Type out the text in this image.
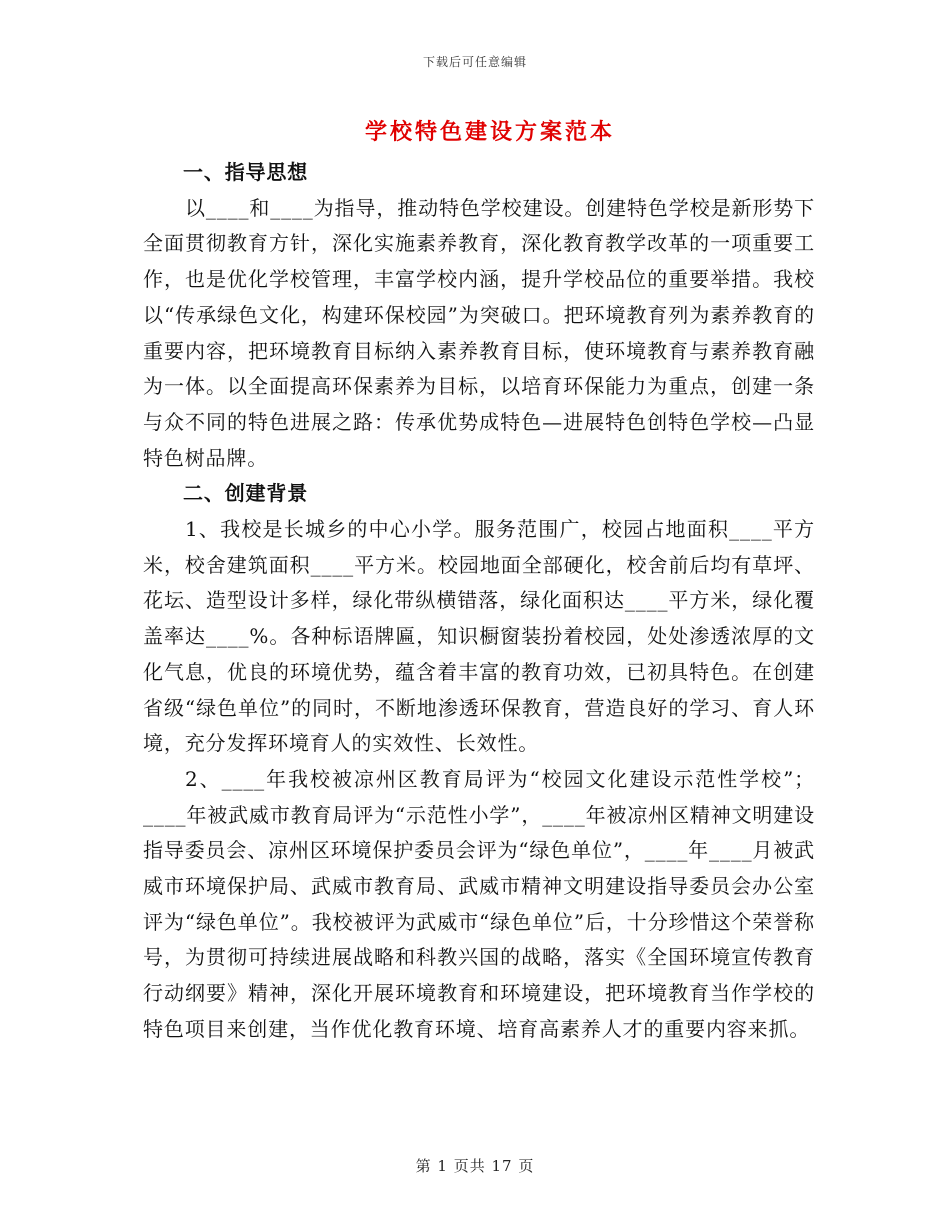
下载后可任意编辑
学校特色建设方案范本

一、指导思想

以____和____为指导，推动特色学校建设。创建特色学校是新形势下全面贯彻教育方针，深化实施素养教育，深化教育教学改革的一项重要工作，也是优化学校管理，丰富学校内涵，提升学校品位的重要举措。我校以“传承绿色文化，构建环保校园”为突破口。把环境教育列为素养教育的重要内容，把环境教育目标纳入素养教育目标，使环境教育与素养教育融为一体。以全面提高环保素养为目标，以培育环保能力为重点，创建一条与众不同的特色进展之路：传承优势成特色—进展特色创特色学校—凸显特色树品牌。

二、创建背景

1、我校是长城乡的中心小学。服务范围广，校园占地面积____平方米，校舍建筑面积____平方米。校园地面全部硬化，校舍前后均有草坪、花坛、造型设计多样，绿化带纵横错落，绿化面积达____平方米，绿化覆盖率达____%。各种标语牌匾，知识橱窗装扮着校园，处处渗透浓厚的文化气息，优良的环境优势，蕴含着丰富的教育功效，已初具特色。在创建省级“绿色单位”的同时，不断地渗透环保教育，营造良好的学习、育人环境，充分发挥环境育人的实效性、长效性。

2、____年我校被凉州区教育局评为“校园文化建设示范性学校”；____年被武威市教育局评为“示范性小学”，____年被凉州区精神文明建设指导委员会、凉州区环境保护委员会评为“绿色单位”，____年____月被武威市环境保护局、武威市教育局、武威市精神文明建设指导委员会办公室评为“绿色单位”。我校被评为武威市“绿色单位”后，十分珍惜这个荣誉称号，为贯彻可持续进展战略和科教兴国的战略，落实《全国环境宣传教育行动纲要》精神，深化开展环境教育和环境建设，把环境教育当作学校的特色项目来创建，当作优化教育环境、培育高素养人才的重要内容来抓。

第 1 页共 17 页
